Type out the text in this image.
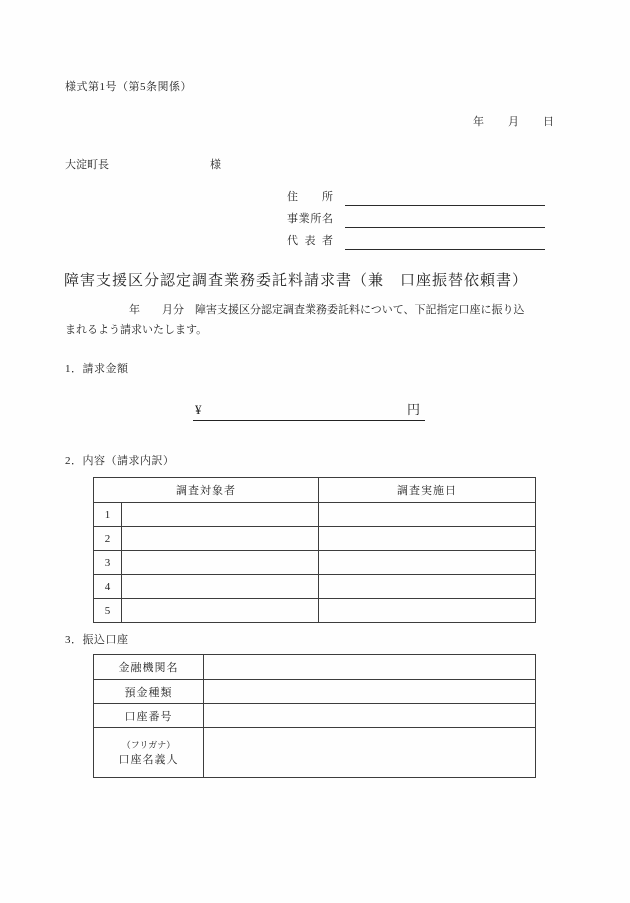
様式第1号（第5条関係）
年 月 日
大淀町長	様
住 所
事業所名
代 表 者
障害支援区分認定調査業務委託料請求書（兼　口座振替依頼書）
年　　月分　障害支援区分認定調査業務委託料について、下記指定口座に振り込
まれるよう請求いたします。
1．請求金額
¥	円
2．内容（請求内訳）
調査対象者		調査実施日
1		
2		
3		
4		
5		
3．振込口座
金融機関名	
預金種類	
口座番号	

（フリガナ）
口座名義人	
